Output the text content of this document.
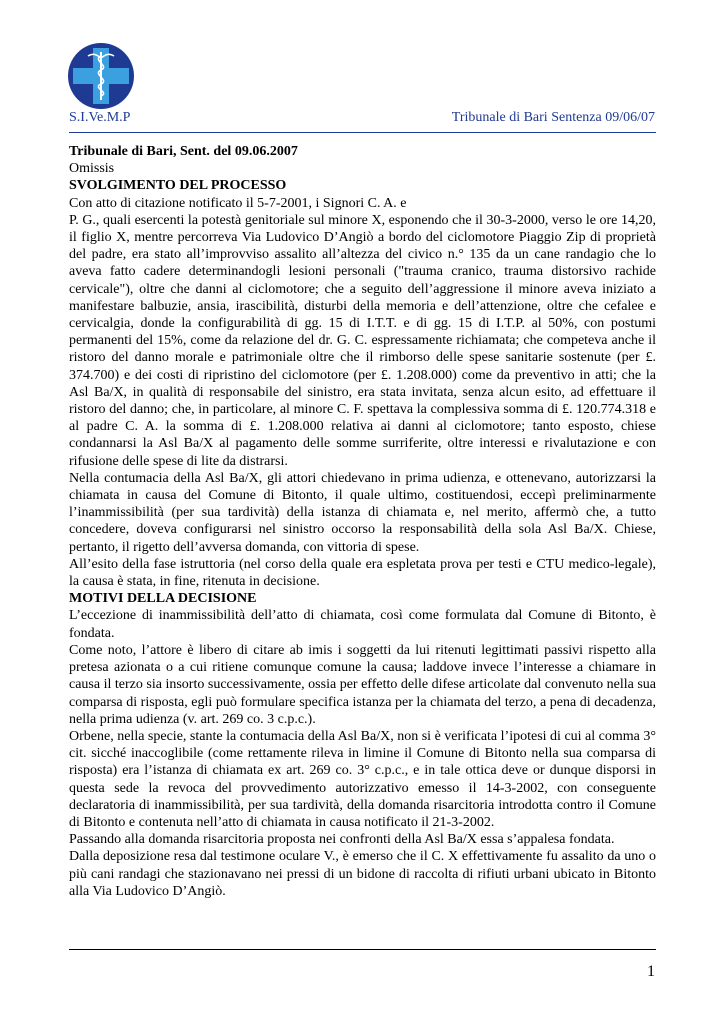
S.I.Ve.M.P	Tribunale di Bari Sentenza 09/06/07

Tribunale di Bari, Sent. del 09.06.2007

Omissis

SVOLGIMENTO DEL PROCESSO

Con atto di citazione notificato il 5-7-2001, i Signori C. A. e

P. G., quali esercenti la potestà genitoriale sul minore X, esponendo che il 30-3-2000, verso le ore 14,20, il figlio X, mentre percorreva Via Ludovico D’Angiò a bordo del ciclomotore Piaggio Zip di proprietà del padre, era stato all’improvviso assalito all’altezza del civico n.° 135 da un cane randagio che lo aveva fatto cadere determinandogli lesioni personali ("trauma cranico, trauma distorsivo rachide cervicale"), oltre che danni al ciclomotore; che a seguito dell’aggressione il minore aveva iniziato a manifestare balbuzie, ansia, irascibilità, disturbi della memoria e dell’attenzione, oltre che cefalee e cervicalgia, donde la configurabilità di gg. 15 di I.T.T. e di gg. 15 di I.T.P. al 50%, con postumi permanenti del 15%, come da relazione del dr. G. C. espressamente richiamata; che competeva anche il ristoro del danno morale e patrimoniale oltre che il rimborso delle spese sanitarie sostenute (per £. 374.700) e dei costi di ripristino del ciclomotore (per £. 1.208.000) come da preventivo in atti; che la Asl Ba/X, in qualità di responsabile del sinistro, era stata invitata, senza alcun esito, ad effettuare il ristoro del danno; che, in particolare, al minore C. F. spettava la complessiva somma di £. 120.774.318 e al padre C. A. la somma di £. 1.208.000 relativa ai danni al ciclomotore; tanto esposto, chiese condannarsi la Asl Ba/X al pagamento delle somme surriferite, oltre interessi e rivalutazione e con rifusione delle spese di lite da distrarsi.

Nella contumacia della Asl Ba/X, gli attori chiedevano in prima udienza, e ottenevano, autorizzarsi la chiamata in causa del Comune di Bitonto, il quale ultimo, costituendosi, eccepì preliminarmente l’inammissibilità (per sua tardività) della istanza di chiamata e, nel merito, affermò che, a tutto concedere, doveva configurarsi nel sinistro occorso la responsabilità della sola Asl Ba/X. Chiese, pertanto, il rigetto dell’avversa domanda, con vittoria di spese.

All’esito della fase istruttoria (nel corso della quale era espletata prova per testi e CTU medico-legale), la causa è stata, in fine, ritenuta in decisione.

MOTIVI DELLA DECISIONE

L’eccezione di inammissibilità dell’atto di chiamata, così come formulata dal Comune di Bitonto, è fondata.

Come noto, l’attore è libero di citare ab imis i soggetti da lui ritenuti legittimati passivi rispetto alla pretesa azionata o a cui ritiene comunque comune la causa; laddove invece l’interesse a chiamare in causa il terzo sia insorto successivamente, ossia per effetto delle difese articolate dal convenuto nella sua comparsa di risposta, egli può formulare specifica istanza per la chiamata del terzo, a pena di decadenza, nella prima udienza (v. art. 269 co. 3 c.p.c.).

Orbene, nella specie, stante la contumacia della Asl Ba/X, non si è verificata l’ipotesi di cui al comma 3° cit. sicché inaccoglibile (come rettamente rileva in limine il Comune di Bitonto nella sua comparsa di risposta) era l’istanza di chiamata ex art. 269 co. 3° c.p.c., e in tale ottica deve or dunque disporsi in questa sede la revoca del provvedimento autorizzativo emesso il 14-3-2002, con conseguente declaratoria di inammissibilità, per sua tardività, della domanda risarcitoria introdotta contro il Comune di Bitonto e contenuta nell’atto di chiamata in causa notificato il 21-3-2002.

Passando alla domanda risarcitoria proposta nei confronti della Asl Ba/X essa s’appalesa fondata.

Dalla deposizione resa dal testimone oculare V., è emerso che il C. X effettivamente fu assalito da uno o più cani randagi che stazionavano nei pressi di un bidone di raccolta di rifiuti urbani ubicato in Bitonto alla Via Ludovico D’Angiò.

1
